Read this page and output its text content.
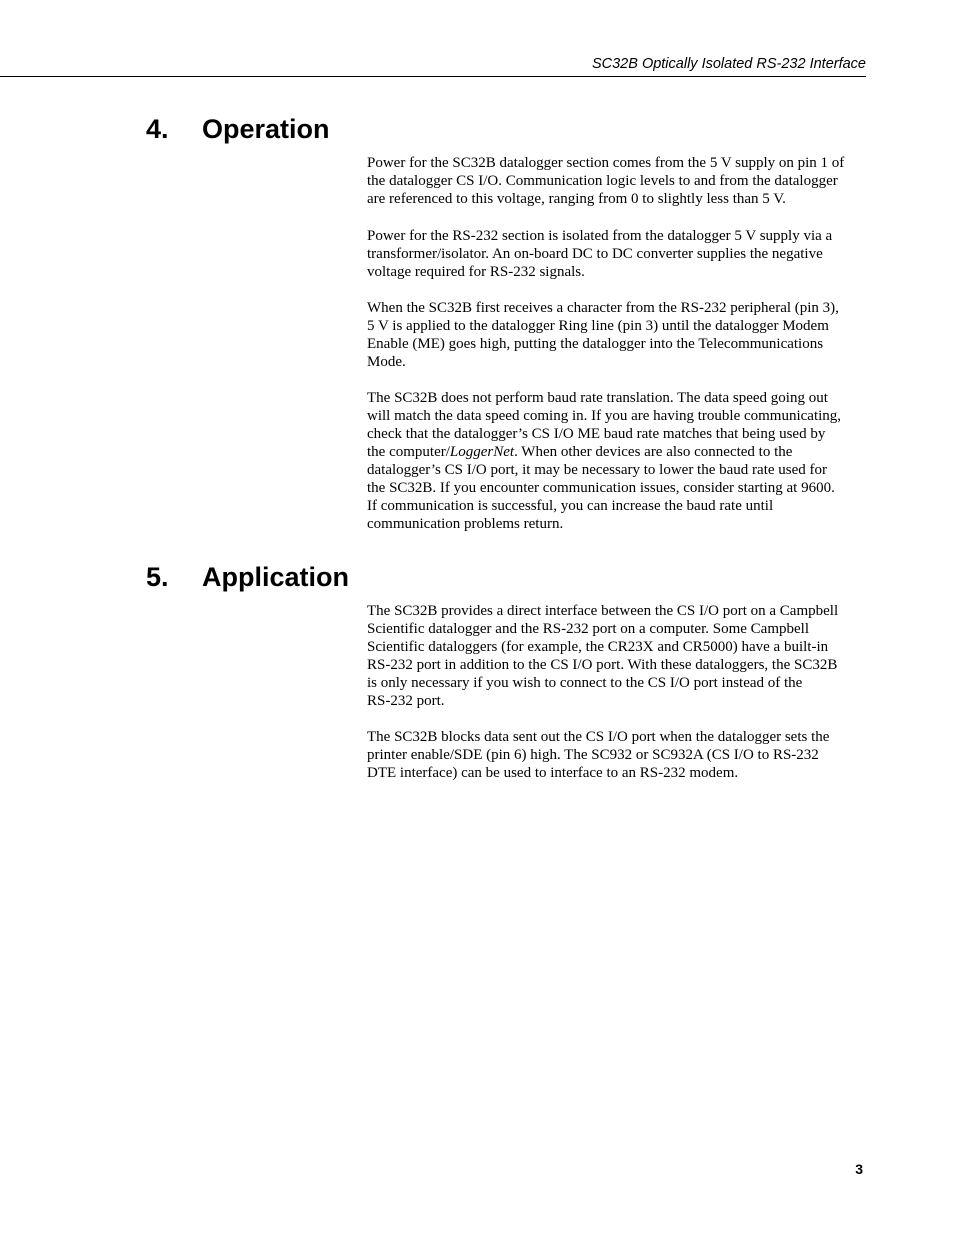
SC32B Optically Isolated RS-232 Interface
4. Operation

Power for the SC32B datalogger section comes from the 5 V supply on pin 1 of
the datalogger CS I/O. Communication logic levels to and from the datalogger
are referenced to this voltage, ranging from 0 to slightly less than 5 V.

Power for the RS-232 section is isolated from the datalogger 5 V supply via a
transformer/isolator. An on-board DC to DC converter supplies the negative
voltage required for RS-232 signals.

When the SC32B first receives a character from the RS-232 peripheral (pin 3),
5 V is applied to the datalogger Ring line (pin 3) until the datalogger Modem
Enable (ME) goes high, putting the datalogger into the Telecommunications
Mode.

The SC32B does not perform baud rate translation. The data speed going out
will match the data speed coming in. If you are having trouble communicating,
check that the datalogger’s CS I/O ME baud rate matches that being used by
the computer/LoggerNet. When other devices are also connected to the
datalogger’s CS I/O port, it may be necessary to lower the baud rate used for
the SC32B. If you encounter communication issues, consider starting at 9600.
If communication is successful, you can increase the baud rate until
communication problems return.

5. Application

The SC32B provides a direct interface between the CS I/O port on a Campbell
Scientific datalogger and the RS-232 port on a computer. Some Campbell
Scientific dataloggers (for example, the CR23X and CR5000) have a built-in
RS-232 port in addition to the CS I/O port. With these dataloggers, the SC32B
is only necessary if you wish to connect to the CS I/O port instead of the
RS-232 port.

The SC32B blocks data sent out the CS I/O port when the datalogger sets the
printer enable/SDE (pin 6) high. The SC932 or SC932A (CS I/O to RS-232
DTE interface) can be used to interface to an RS-232 modem.

3
